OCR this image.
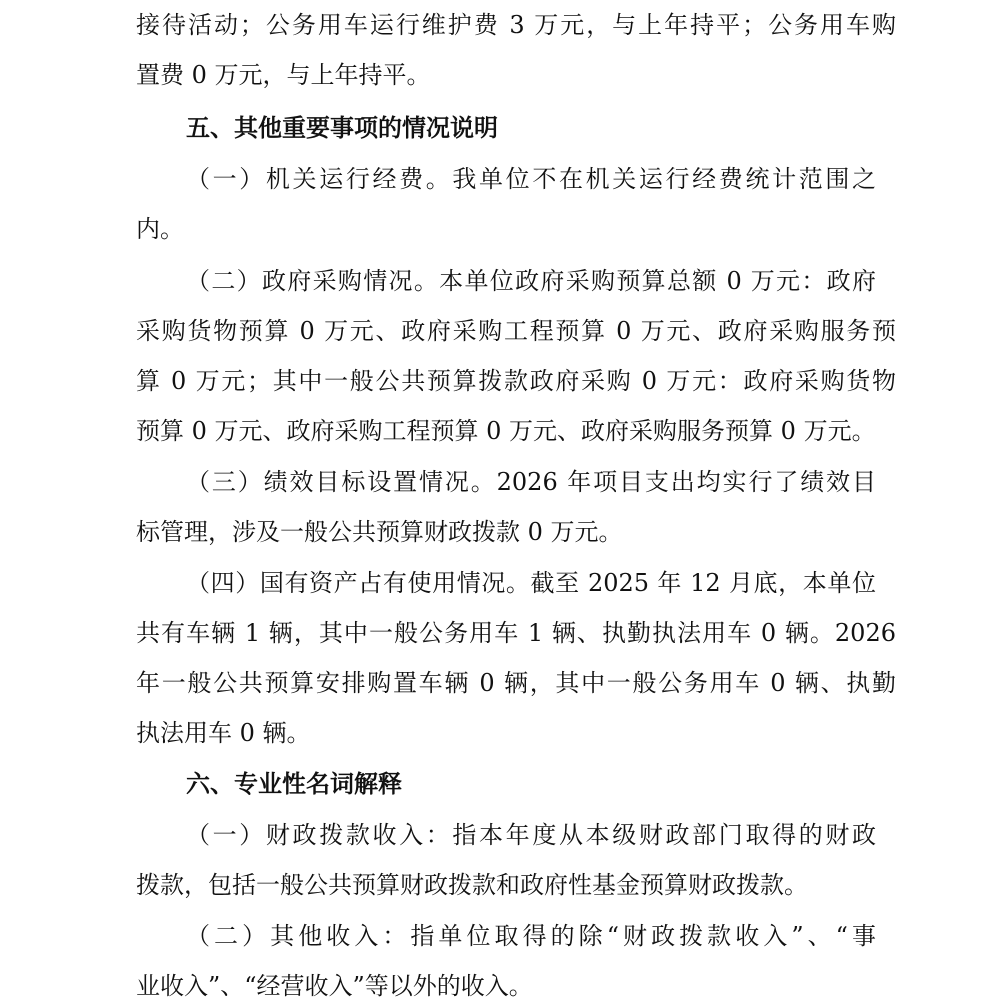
接待活动；公务用车运行维护费 3 万元，与上年持平；公务用车购
置费 0 万元，与上年持平。
五、其他重要事项的情况说明
（一）机关运行经费。我单位不在机关运行经费统计范围之
内。
（二）政府采购情况。本单位政府采购预算总额 0 万元：政府
采购货物预算 0 万元、政府采购工程预算 0 万元、政府采购服务预
算 0 万元；其中一般公共预算拨款政府采购 0 万元：政府采购货物
预算 0 万元、政府采购工程预算 0 万元、政府采购服务预算 0 万元。
（三）绩效目标设置情况。2026 年项目支出均实行了绩效目
标管理，涉及一般公共预算财政拨款 0 万元。
（四）国有资产占有使用情况。截至 2025 年 12 月底，本单位
共有车辆 1 辆，其中一般公务用车 1 辆、执勤执法用车 0 辆。2026
年一般公共预算安排购置车辆 0 辆，其中一般公务用车 0 辆、执勤
执法用车 0 辆。
六、专业性名词解释
（一）财政拨款收入：指本年度从本级财政部门取得的财政
拨款，包括一般公共预算财政拨款和政府性基金预算财政拨款。
（二）其他收入：指单位取得的除“财政拨款收入”、“事
业收入”、“经营收入”等以外的收入。
